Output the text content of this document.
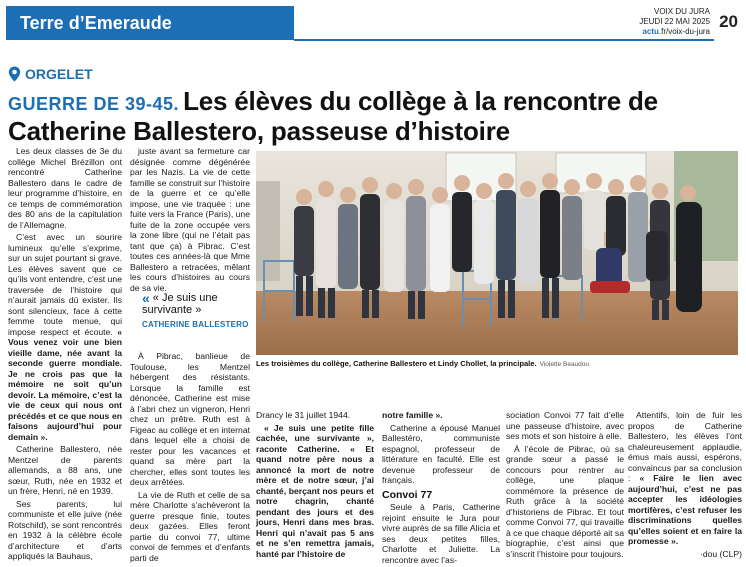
Terre d’Emeraude
VOIX DU JURA
JEUDI 22 MAI 2025
actu.fr/voix-du-jura
20
ORGELET
GUERRE DE 39-45. Les élèves du collège à la rencontre de Catherine Ballestero, passeuse d’histoire

Les deux classes de 3e du collège Michel Brézillon ont rencontré Catherine Ballestero dans le cadre de leur programme d’histoire, en ce temps de commémoration des 80 ans de la capitulation de l’Allemagne.

C’est avec un sourire lumineux qu’elle s’exprime, sur un sujet pourtant si grave. Les élèves savent que ce qu’ils vont entendre, c’est une traversée de l’histoire qui n’aurait jamais dû exister. Ils sont silencieux, face à cette femme toute menue, qui impose respect et écoute. « Vous venez voir une bien vieille dame, née avant la seconde guerre mondiale. Je ne crois pas que la mémoire ne soit qu’un devoir. La mémoire, c’est la vie de ceux qui nous ont précédés et ce que nous en faisons aujourd’hui pour demain ».

Catherine Ballestero, née Mentzel de parents allemands, a 88 ans, une sœur, Ruth, née en 1932 et un frère, Henri, né en 1939.

Ses parents, lui communiste et elle juive (née Rotschild), se sont rencontrés en 1932 à la célèbre école d’architecture et d’arts appliqués la Bauhaus,

juste avant sa fermeture car désignée comme dégénérée par les Nazis. La vie de cette famille se construit sur l’histoire de la guerre et ce qu’elle impose, une vie traquée : une fuite vers la France (Paris), une fuite de la zone occupée vers la zone libre (qui ne l’était pas tant que ça) à Pibrac. C’est toutes ces années-là que Mme Ballestero a retracées, mêlant les cours d’histoires au cours de sa vie.

À Pibrac, banlieue de Toulouse, les Mentzel hébergent des résistants. Lorsque la famille est dénoncée, Catherine est mise à l’abri chez un vigneron, Henri chez un prêtre. Ruth est à Figeac au collège et en internat dans lequel elle a choisi de rester pour les vacances et quand sa mère part la chercher, elles sont toutes les deux arrêtées.

La vie de Ruth et celle de sa mère Charlotte s’achèveront la guerre presque finie, toutes deux gazées. Elles feront partie du convoi 77, ultime convoi de femmes et d’enfants parti de

« « Je suis une survivante »
CATHERINE BALLESTERO
Les troisièmes du collège, Catherine Ballestero et Lindy Chollet, la principale. Violette Beaudou

Drancy le 31 juillet 1944.

« Je suis une petite fille cachée, une survivante », raconte Catherine. « Et quand notre père nous a annoncé la mort de notre mère et de notre sœur, j’ai chanté, berçant nos peurs et notre chagrin, chanté pendant des jours et des jours, Henri dans mes bras. Henri qui n’avait pas 5 ans et ne s’en remettra jamais, hanté par l’histoire de

notre famille ».

Catherine a épousé Manuel Ballestéro, communiste espagnol, professeur de littérature en faculté. Elle est devenue professeur de français.

Convoi 77

Seule à Paris, Catherine rejoint ensuite le Jura pour vivre auprès de sa fille Alicia et ses deux petites filles, Charlotte et Juliette. La rencontre avec l’as-

sociation Convoi 77 fait d’elle une passeuse d’histoire, avec ses mots et son histoire à elle.

À l’école de Pibrac, où sa grande sœur a passé le concours pour rentrer au collège, une plaque commémore la présence de Ruth grâce à la société d’historiens de Pibrac. Et tout comme Convoi 77, qui travaille à ce que chaque déporté ait sa biographie, c’est ainsi que s’inscrit l’histoire pour toujours.

Attentifs, loin de fuir les propos de Catherine Ballestero, les élèves l’ont chaleureusement applaudie, émus mais aussi, espérons, convaincus par sa conclusion : « Faire le lien avec aujourd’hui, c’est ne pas accepter les idéologies mortifères, c’est refuser les discriminations quelles qu’elles soient et en faire la promesse ».

·dou (CLP)
